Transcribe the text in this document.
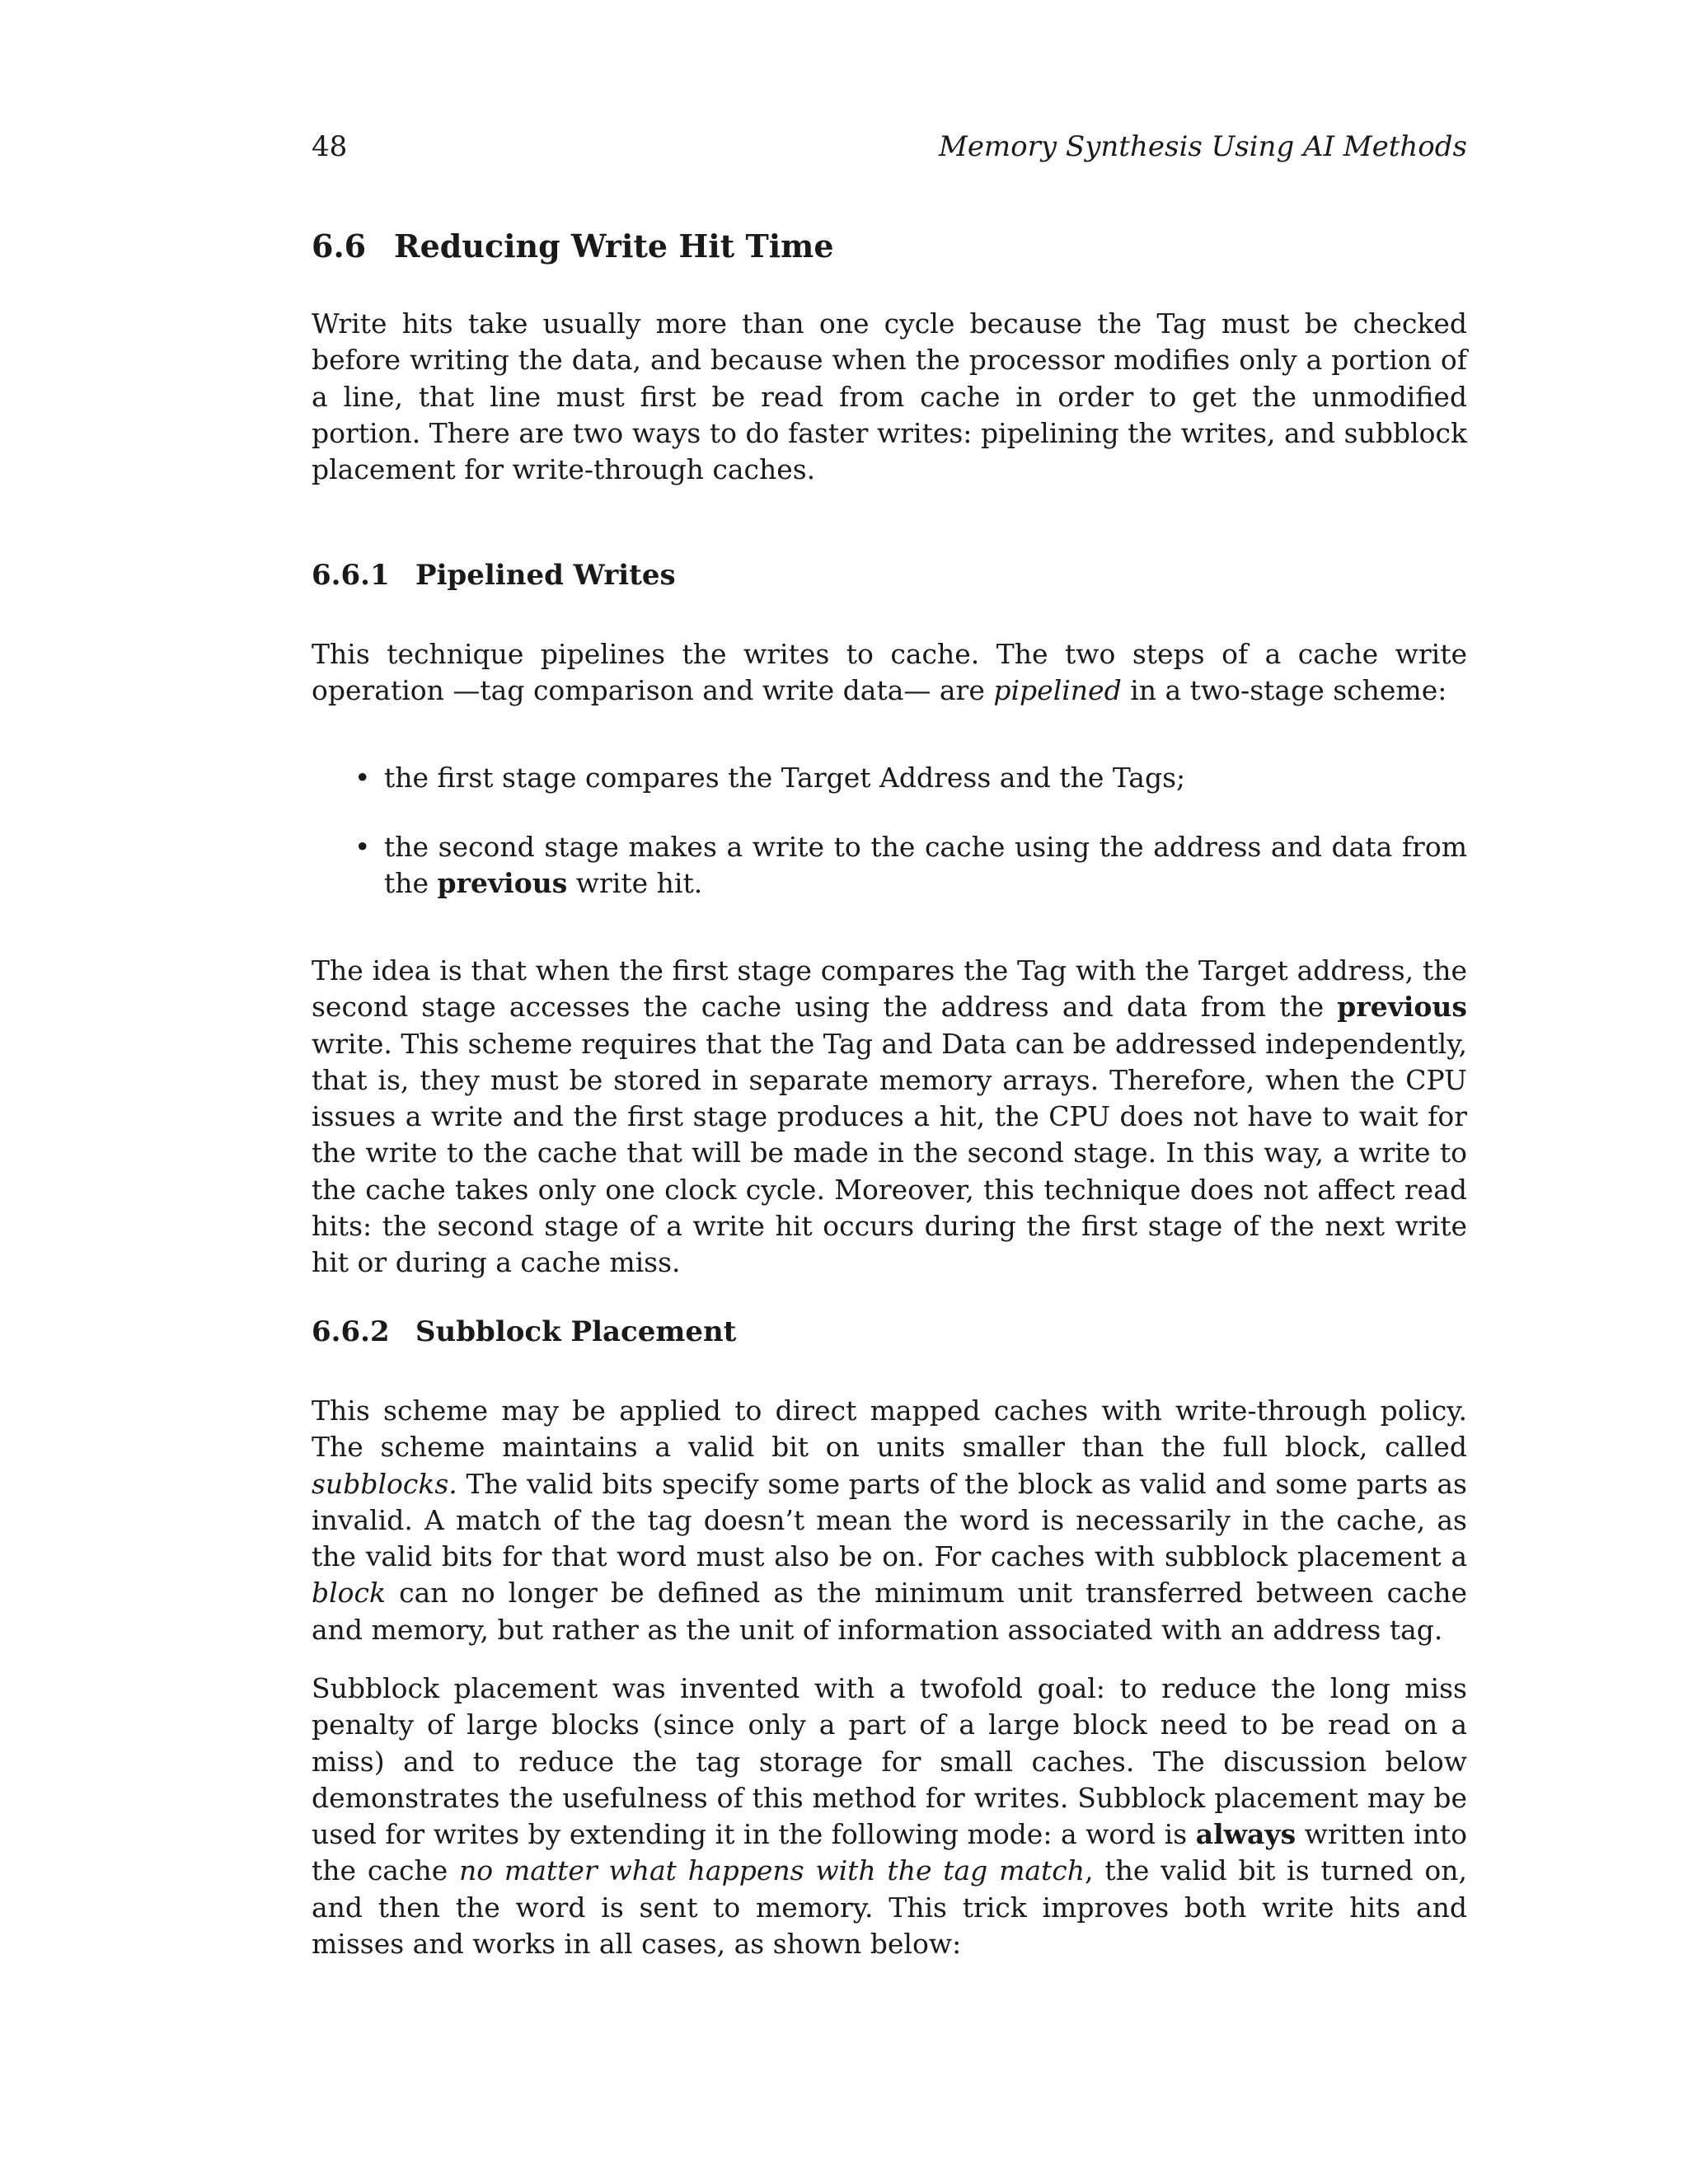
48	Memory Synthesis Using AI Methods
6.6 Reducing Write Hit Time

Write hits take usually more than one cycle because the Tag must be checked before writing the data, and because when the processor modifies only a portion of a line, that line must first be read from cache in order to get the unmodified portion. There are two ways to do faster writes: pipelining the writes, and subblock placement for write-through caches.

6.6.1 Pipelined Writes

This technique pipelines the writes to cache. The two steps of a cache write operation —tag comparison and write data— are pipelined in a two-stage scheme:

• the first stage compares the Target Address and the Tags;
• the second stage makes a write to the cache using the address and data from the previous write hit.

The idea is that when the first stage compares the Tag with the Target address, the second stage accesses the cache using the address and data from the previous write. This scheme requires that the Tag and Data can be addressed independently, that is, they must be stored in separate memory arrays. Therefore, when the CPU issues a write and the first stage produces a hit, the CPU does not have to wait for the write to the cache that will be made in the second stage. In this way, a write to the cache takes only one clock cycle. Moreover, this technique does not affect read hits: the second stage of a write hit occurs during the first stage of the next write hit or during a cache miss.

6.6.2 Subblock Placement

This scheme may be applied to direct mapped caches with write-through policy. The scheme maintains a valid bit on units smaller than the full block, called subblocks. The valid bits specify some parts of the block as valid and some parts as invalid. A match of the tag doesn’t mean the word is necessarily in the cache, as the valid bits for that word must also be on. For caches with subblock placement a block can no longer be defined as the minimum unit transferred between cache and memory, but rather as the unit of information associated with an address tag.

Subblock placement was invented with a twofold goal: to reduce the long miss penalty of large blocks (since only a part of a large block need to be read on a miss) and to reduce the tag storage for small caches. The discussion below demonstrates the usefulness of this method for writes. Subblock placement may be used for writes by extending it in the following mode: a word is always written into the cache no matter what happens with the tag match, the valid bit is turned on, and then the word is sent to memory. This trick improves both write hits and misses and works in all cases, as shown below:
